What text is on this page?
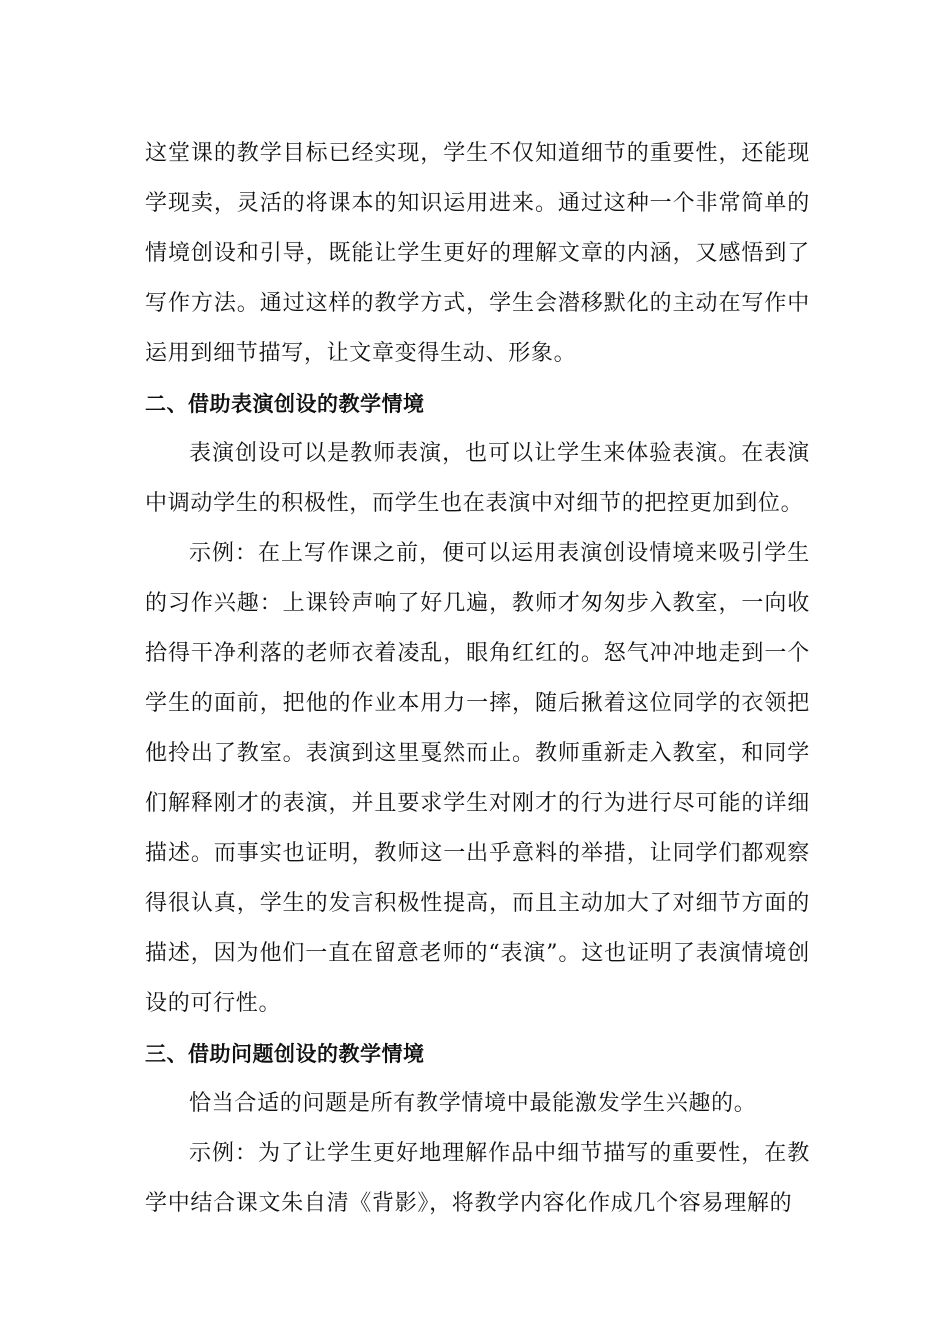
这堂课的教学目标已经实现，学生不仅知道细节的重要性，还能现学现卖，灵活的将课本的知识运用进来。通过这种一个非常简单的情境创设和引导，既能让学生更好的理解文章的内涵，又感悟到了写作方法。通过这样的教学方式，学生会潜移默化的主动在写作中运用到细节描写，让文章变得生动、形象。

二、借助表演创设的教学情境

表演创设可以是教师表演，也可以让学生来体验表演。在表演中调动学生的积极性，而学生也在表演中对细节的把控更加到位。

示例：在上写作课之前，便可以运用表演创设情境来吸引学生的习作兴趣：上课铃声响了好几遍，教师才匆匆步入教室，一向收拾得干净利落的老师衣着凌乱，眼角红红的。怒气冲冲地走到一个学生的面前，把他的作业本用力一摔，随后揪着这位同学的衣领把他拎出了教室。表演到这里戛然而止。教师重新走入教室，和同学们解释刚才的表演，并且要求学生对刚才的行为进行尽可能的详细描述。而事实也证明，教师这一出乎意料的举措，让同学们都观察得很认真，学生的发言积极性提高，而且主动加大了对细节方面的描述，因为他们一直在留意老师的“表演”。这也证明了表演情境创设的可行性。

三、借助问题创设的教学情境

恰当合适的问题是所有教学情境中最能激发学生兴趣的。

示例：为了让学生更好地理解作品中细节描写的重要性，在教学中结合课文朱自清《背影》，将教学内容化作成几个容易理解的
